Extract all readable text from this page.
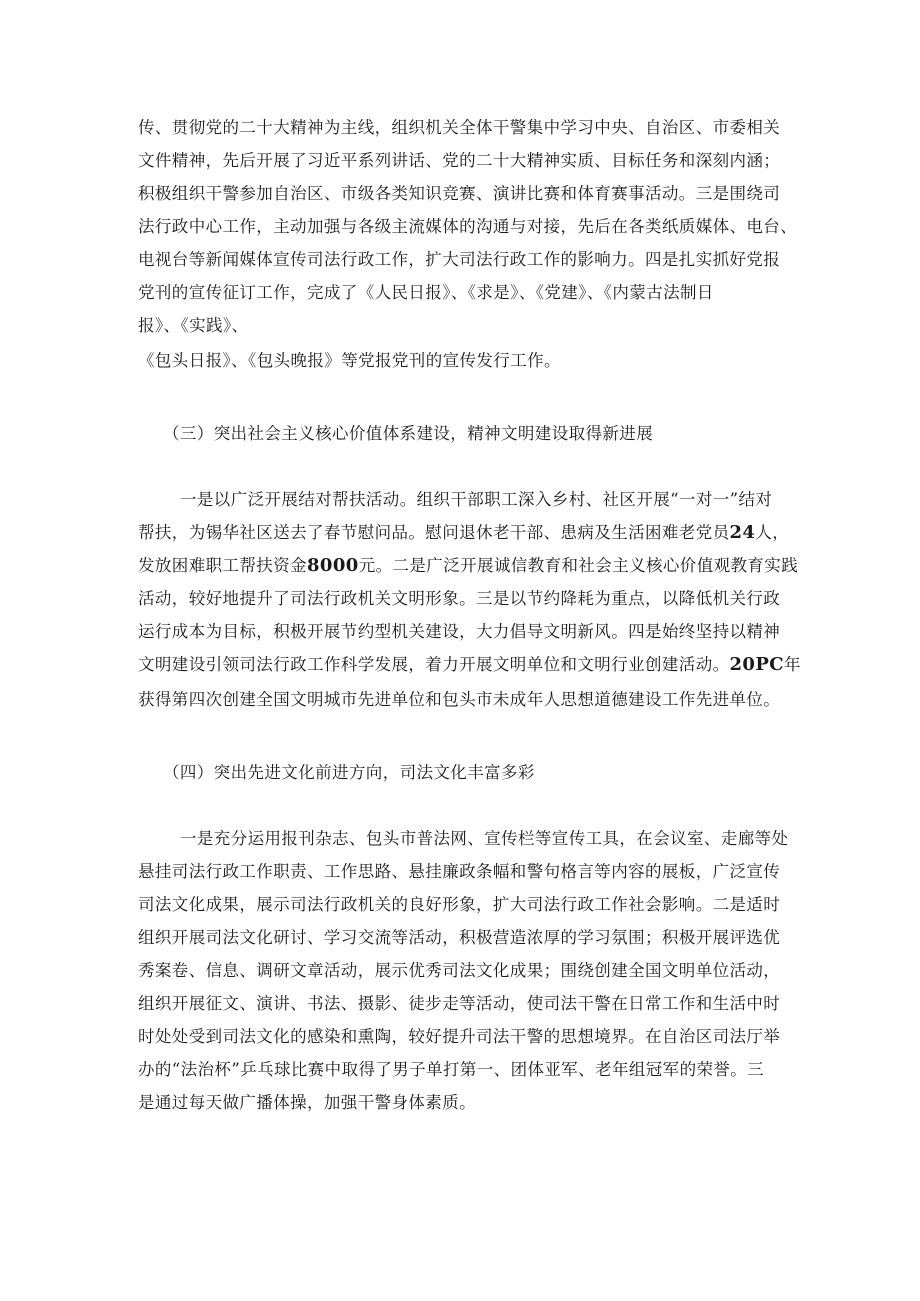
传、贯彻党的二十大精神为主线，组织机关全体干警集中学习中央、自治区、市委相关
文件精神，先后开展了习近平系列讲话、党的二十大精神实质、目标任务和深刻内涵；
积极组织干警参加自治区、市级各类知识竞赛、演讲比赛和体育赛事活动。三是围绕司
法行政中心工作，主动加强与各级主流媒体的沟通与对接，先后在各类纸质媒体、电台、
电视台等新闻媒体宣传司法行政工作，扩大司法行政工作的影响力。四是扎实抓好党报
党刊的宣传征订工作，完成了《人民日报》、《求是》、《党建》、《内蒙古法制日
报》、《实践》、
《包头日报》、《包头晚报》等党报党刊的宣传发行工作。
（三）突出社会主义核心价值体系建设，精神文明建设取得新进展
一是以广泛开展结对帮扶活动。组织干部职工深入乡村、社区开展“一对一”结对
帮扶，为锡华社区送去了春节慰问品。慰问退休老干部、患病及生活困难老党员24人，
发放困难职工帮扶资金8000元。二是广泛开展诚信教育和社会主义核心价值观教育实践
活动，较好地提升了司法行政机关文明形象。三是以节约降耗为重点，以降低机关行政
运行成本为目标，积极开展节约型机关建设，大力倡导文明新风。四是始终坚持以精神
文明建设引领司法行政工作科学发展，着力开展文明单位和文明行业创建活动。20PC年
获得第四次创建全国文明城市先进单位和包头市未成年人思想道德建设工作先进单位。
（四）突出先进文化前进方向，司法文化丰富多彩
一是充分运用报刊杂志、包头市普法网、宣传栏等宣传工具，在会议室、走廊等处
悬挂司法行政工作职责、工作思路、悬挂廉政条幅和警句格言等内容的展板，广泛宣传
司法文化成果，展示司法行政机关的良好形象，扩大司法行政工作社会影响。二是适时
组织开展司法文化研讨、学习交流等活动，积极营造浓厚的学习氛围；积极开展评选优
秀案卷、信息、调研文章活动，展示优秀司法文化成果；围绕创建全国文明单位活动，
组织开展征文、演讲、书法、摄影、徒步走等活动，使司法干警在日常工作和生活中时
时处处受到司法文化的感染和熏陶，较好提升司法干警的思想境界。在自治区司法厅举
办的“法治杯”乒乓球比赛中取得了男子单打第一、团体亚军、老年组冠军的荣誉。三
是通过每天做广播体操，加强干警身体素质。
